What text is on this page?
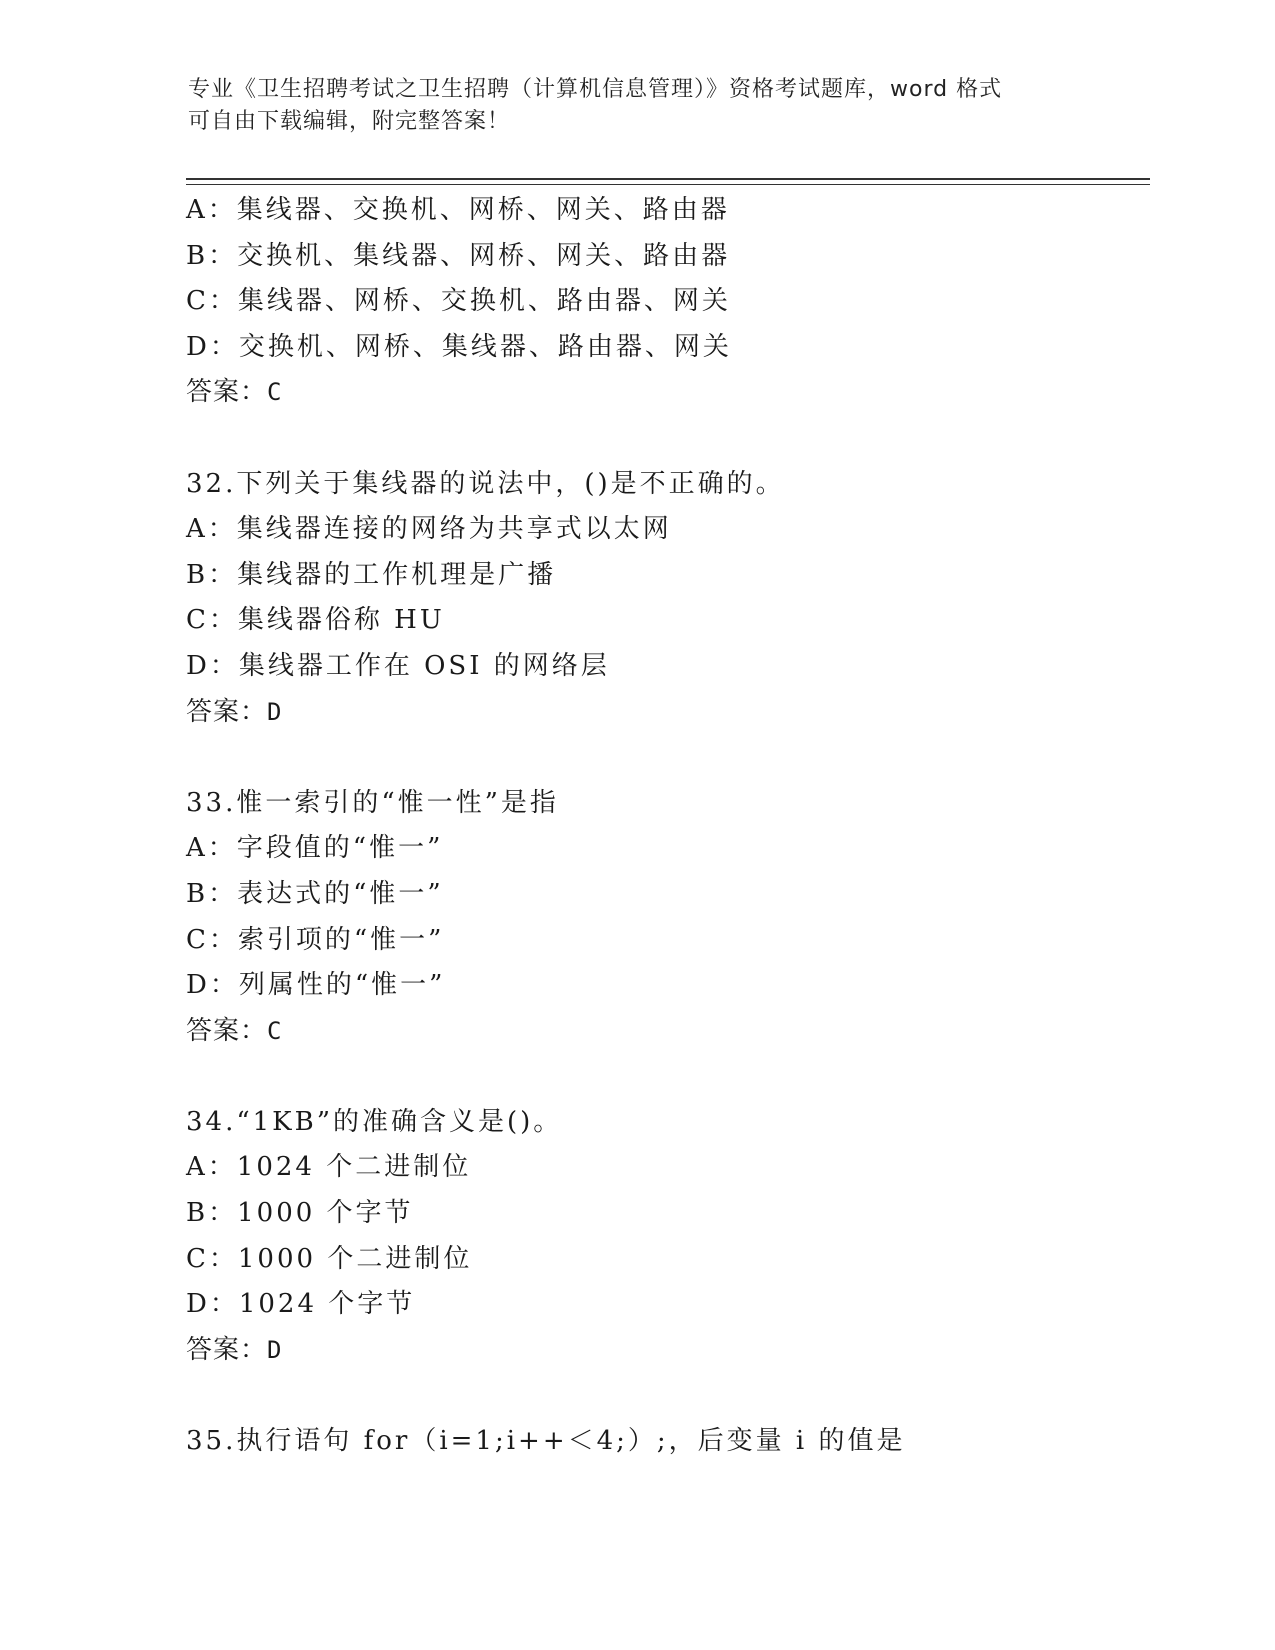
专业《卫生招聘考试之卫生招聘（计算机信息管理）》资格考试题库，word 格式
可自由下载编辑，附完整答案！
A：集线器、交换机、网桥、网关、路由器
B：交换机、集线器、网桥、网关、路由器
C：集线器、网桥、交换机、路由器、网关
D：交换机、网桥、集线器、路由器、网关
答案：C
32.下列关于集线器的说法中，()是不正确的。
A：集线器连接的网络为共享式以太网
B：集线器的工作机理是广播
C：集线器俗称 HU
D：集线器工作在 OSI 的网络层
答案：D
33.惟一索引的“惟一性”是指
A：字段值的“惟一”
B：表达式的“惟一”
C：索引项的“惟一”
D：列属性的“惟一”
答案：C
34.“1KB”的准确含义是()。
A：1024 个二进制位
B：1000 个字节
C：1000 个二进制位
D：1024 个字节
答案：D
35.执行语句 for（i=1;i++＜4;）;，后变量 i 的值是
